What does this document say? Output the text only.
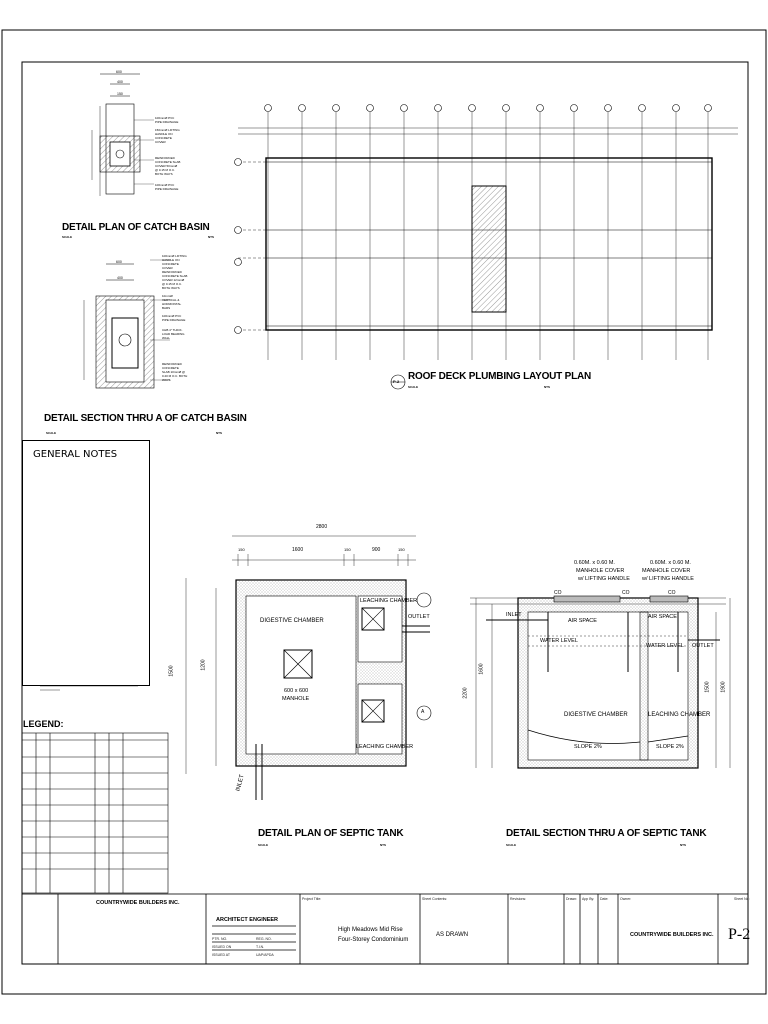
100mmØ PVC
PIPE DRAINAGE
150mmØ LIFTING
HANDLE ON
CONCRETE
COVER
REINFORCED
CONCRETE SLAB
COVER 50mmØ
@ 0.15 M O.C.
BOTH WAYS
100mmØ PVC
PIPE DRAINAGE
100mmØ LIFTING
HANDLE ON
CONCRETE
COVER
REINFORCED
CONCRETE SLAB
COVER 12mmØ
@ 0.15 M O.C.
BOTH WAYS
10mmØ
VERTICAL &
HORIZONTAL
BARS
100mmØ PVC
PIPE DRAINAGE
CHB 4" THICK.
LOAD BEARING
WALL
REINFORCED
CONCRETE
SLAB 10mmØ @
0.20 M O.C. BOTH
WAYS
DETAIL PLAN OF CATCH BASIN
SCALE	NTS
DETAIL SECTION THRU A OF CATCH BASIN
SCALE	NTS
600
400
150
600
400
P-2 ROOF DECK PLUMBING LAYOUT PLAN
SCALE	NTS
GENERAL NOTES
LEGEND:
2800
150	1600	150	900	150
1500
1200
DIGESTIVE CHAMBER
600 x 600
MANHOLE
LEACHING CHAMBER
LEACHING CHAMBER
OUTLET
INLET
A
DETAIL PLAN OF SEPTIC TANK
SCALE	NTS
0.60M. x 0.60 M.
MANHOLE COVER
w/ LIFTING HANDLE
0.60M. x 0.60 M.
MANHOLE COVER
w/ LIFTING HANDLE
CO	CO	CO
INLET
AIR SPACE
AIR SPACE
WATER LEVEL
WATER LEVEL OUTLET
DIGESTIVE CHAMBER	LEACHING CHAMBER
SLOPE 2%	SLOPE 2%
2200
1600
1500 1900
DETAIL SECTION THRU A OF SEPTIC TANK
SCALE	NTS
COUNTRYWIDE BUILDERS INC.
ARCHITECT ENGINEER
PTR. NO.	REG. NO.
ISSUED ON	T.I.N.
ISSUED AT	UAP/APDA
Project Title:
High Meadows Mid Rise
Four-Storey Condominium
Sheet Contents:
AS DRAWN
Revisions:	Drawn: App By: Date:	Owner:
COUNTRYWIDE BUILDERS INC.
Sheet No:
P-2
